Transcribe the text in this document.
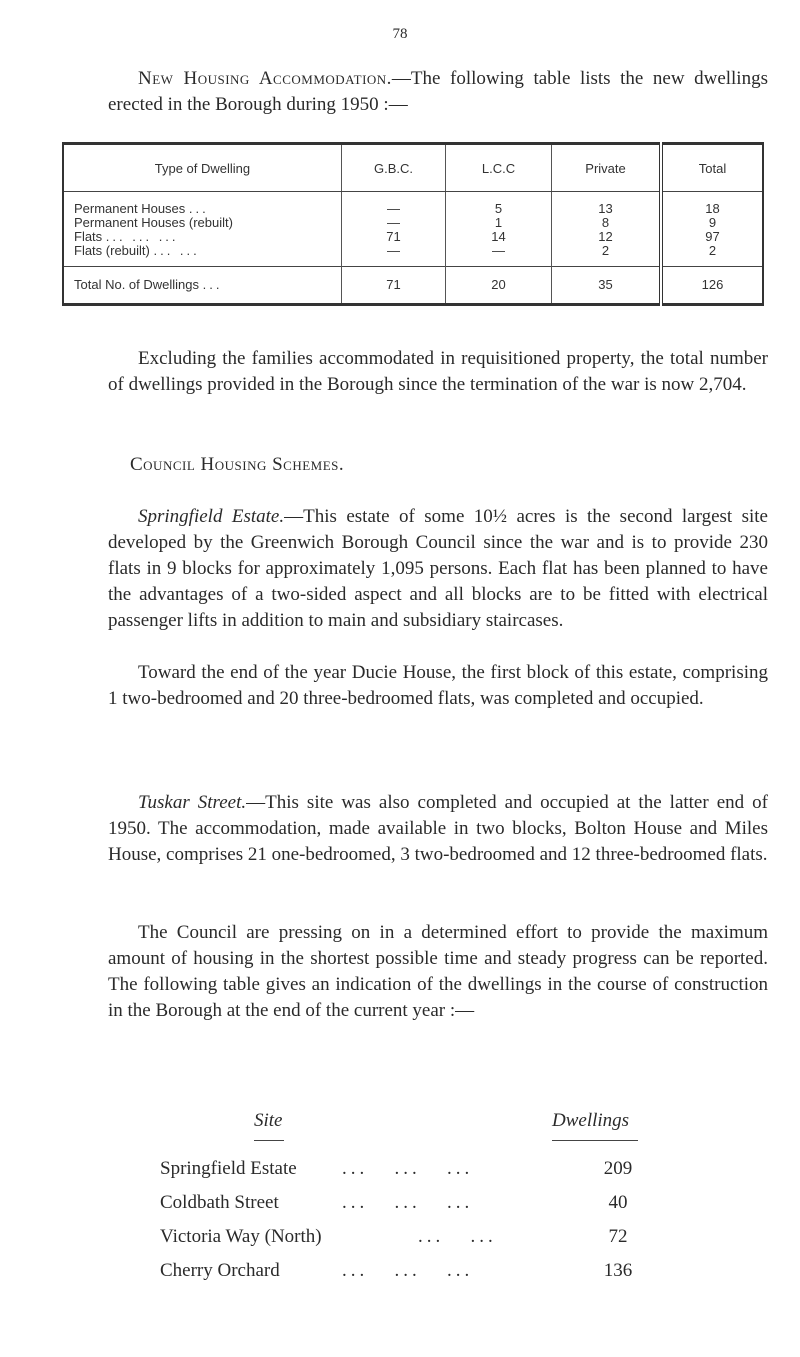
78

New Housing Accommodation.—The following table lists the new dwellings erected in the Borough during 1950 :—

Type of Dwelling	G.B.C.	L.C.C	Private	Total
Permanent Houses ...	—	5	13	18
Permanent Houses (rebuilt)	—	1	8	9
Flats ... ... ...	71	14	12	97
Flats (rebuilt) ... ...	—	—	2	2
Total No. of Dwellings ...	71	20	35	126

Excluding the families accommodated in requisitioned property, the total number of dwellings provided in the Borough since the termination of the war is now 2,704.

Council Housing Schemes.

Springfield Estate.—This estate of some 10½ acres is the second largest site developed by the Greenwich Borough Council since the war and is to provide 230 flats in 9 blocks for approximately 1,095 persons. Each flat has been planned to have the advantages of a two-sided aspect and all blocks are to be fitted with electrical passenger lifts in addition to main and subsidiary staircases.

Toward the end of the year Ducie House, the first block of this estate, comprising 1 two-bedroomed and 20 three-bedroomed flats, was completed and occupied.

Tuskar Street.—This site was also completed and occupied at the latter end of 1950. The accommodation, made available in two blocks, Bolton House and Miles House, comprises 21 one-bedroomed, 3 two-bedroomed and 12 three-bedroomed flats.

The Council are pressing on in a determined effort to provide the maximum amount of housing in the shortest possible time and steady progress can be reported. The following table gives an indication of the dwellings in the course of construction in the Borough at the end of the current year :—

Site	Dwellings
Springfield Estate ...   ...   ...	209
Coldbath Street	...   ...   ...	40
Victoria Way (North)	...   ...	72
Cherry Orchard	...   ...   ...	136
